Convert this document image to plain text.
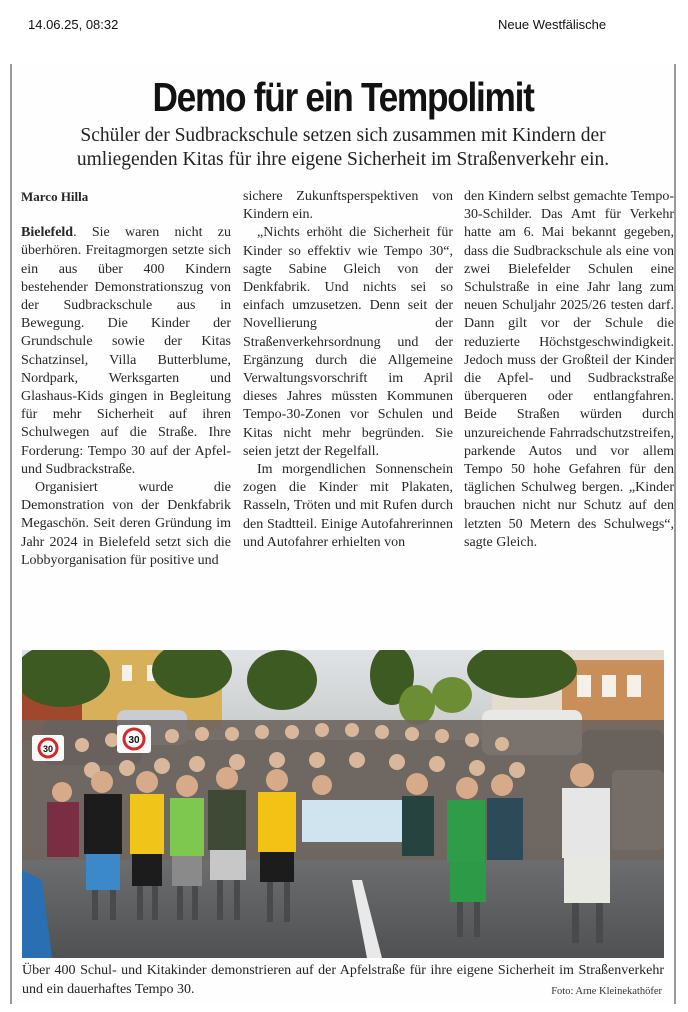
14.06.25, 08:32	Neue Westfälische
Demo für ein Tempolimit
Schüler der Sudbrackschule setzen sich zusammen mit Kindern der
umliegenden Kitas für ihre eigene Sicherheit im Straßenverkehr ein.
Marco Hilla

Bielefeld. Sie waren nicht zu überhören. Freitagmorgen setzte sich ein aus über 400 Kindern bestehender Demonstrationszug von der Sudbrackschule aus in Bewegung. Die Kinder der Grundschule sowie der Kitas Schatzinsel, Villa Butterblume, Nordpark, Werksgarten und Glashaus-Kids gingen in Begleitung für mehr Sicherheit auf ihren Schulwegen auf die Straße. Ihre Forderung: Tempo 30 auf der Apfel- und Sudbrackstraße.

Organisiert wurde die Demonstration von der Denkfabrik Megaschön. Seit deren Gründung im Jahr 2024 in Bielefeld setzt sich die Lobbyorganisation für positive und

sichere Zukunftsperspektiven von Kindern ein.

„Nichts erhöht die Sicherheit für Kinder so effektiv wie Tempo 30“, sagte Sabine Gleich von der Denkfabrik. Und nichts sei so einfach umzusetzen. Denn seit der Novellierung der Straßenverkehrsordnung und der Ergänzung durch die Allgemeine Verwaltungsvorschrift im April dieses Jahres müssten Kommunen Tempo-30-Zonen vor Schulen und Kitas nicht mehr begründen. Sie seien jetzt der Regelfall.

Im morgendlichen Sonnenschein zogen die Kinder mit Plakaten, Rasseln, Tröten und mit Rufen durch den Stadtteil. Einige Autofahrerinnen und Autofahrer erhielten von

den Kindern selbst gemachte Tempo-30-Schilder. Das Amt für Verkehr hatte am 6. Mai bekannt gegeben, dass die Sudbrackschule als eine von zwei Bielefelder Schulen eine Schulstraße in eine Jahr lang zum neuen Schuljahr 2025/26 testen darf. Dann gilt vor der Schule die reduzierte Höchstgeschwindigkeit. Jedoch muss der Großteil der Kinder die Apfel- und Sudbrackstraße überqueren oder entlangfahren. Beide Straßen würden durch unzureichende Fahrradschutzstreifen, parkende Autos und vor allem Tempo 50 hohe Gefahren für den täglichen Schulweg bergen. „Kinder brauchen nicht nur Schutz auf den letzten 50 Metern des Schulwegs“, sagte Gleich.

30
30
Über 400 Schul- und Kitakinder demonstrieren auf der Apfelstraße für ihre eigene Sicherheit im Straßenverkehr und ein dauerhaftes Tempo 30.	Foto: Arne Kleinekathöfer
